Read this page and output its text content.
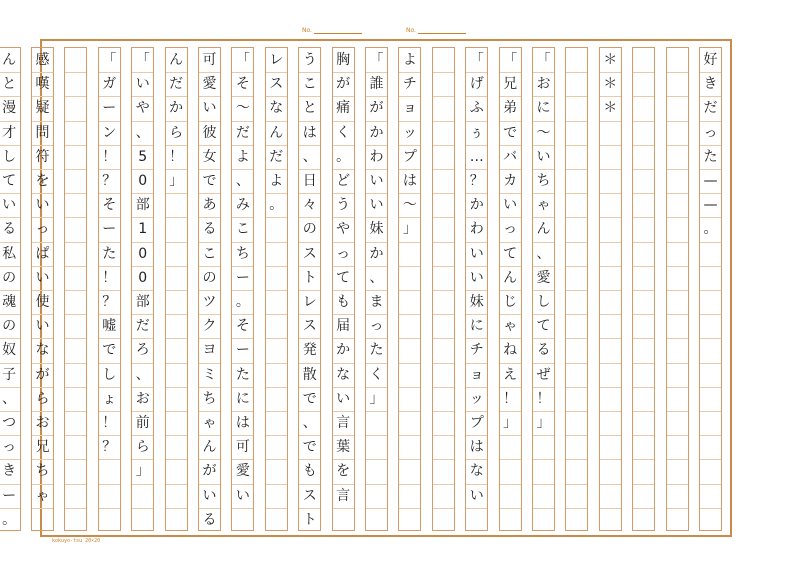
No.	No.
好
き
だ
っ
た
—
—
。
＊
＊
＊
「
お
に
～
い
ち
ゃ
ん
、
愛
し
て
る
ぜ
！
」
「
兄
弟
で
バ
カ
い
っ
て
ん
じ
ゃ
ね
え
！
」
「
げ
ふ
ぅ
…
？
か
わ
い
い
妹
に
チ
ョ
ッ
プ
は
な
い
よ
チ
ョ
ッ
プ
は
～
」
「
誰
が
か
わ
い
い
妹
か
、
ま
っ
た
く
」
胸
が
痛
く
。
ど
う
や
っ
て
も
届
か
な
い
言
葉
を
言
う
こ
と
は
、
日
々
の
ス
ト
レ
ス
発
散
で
、
で
も
ス
ト
レ
ス
な
ん
だ
よ
。
「
そ
～
だ
よ
、
み
こ
ち
ー
。
そ
ー
た
に
は
可
愛
い
可
愛
い
彼
女
で
あ
る
こ
の
ツ
ク
ヨ
ミ
ち
ゃ
ん
が
い
る
ん
だ
か
ら
！
」
「
い
や
、
5
0
部
1
0
0
部
だ
ろ
、
お
前
ら
」
「
ガ
ー
ン
！
？
そ
ー
た
！
？
嘘
で
し
ょ
！
？
感
嘆
疑
問
符
を
い
っ
ぱ
い
使
い
な
が
ら
お
兄
ち
ゃ
ん
と
漫
才
し
て
い
る
私
の
魂
の
奴
子
、
つ
っ
き
ー
。
kokuyo-tsu 20×20
